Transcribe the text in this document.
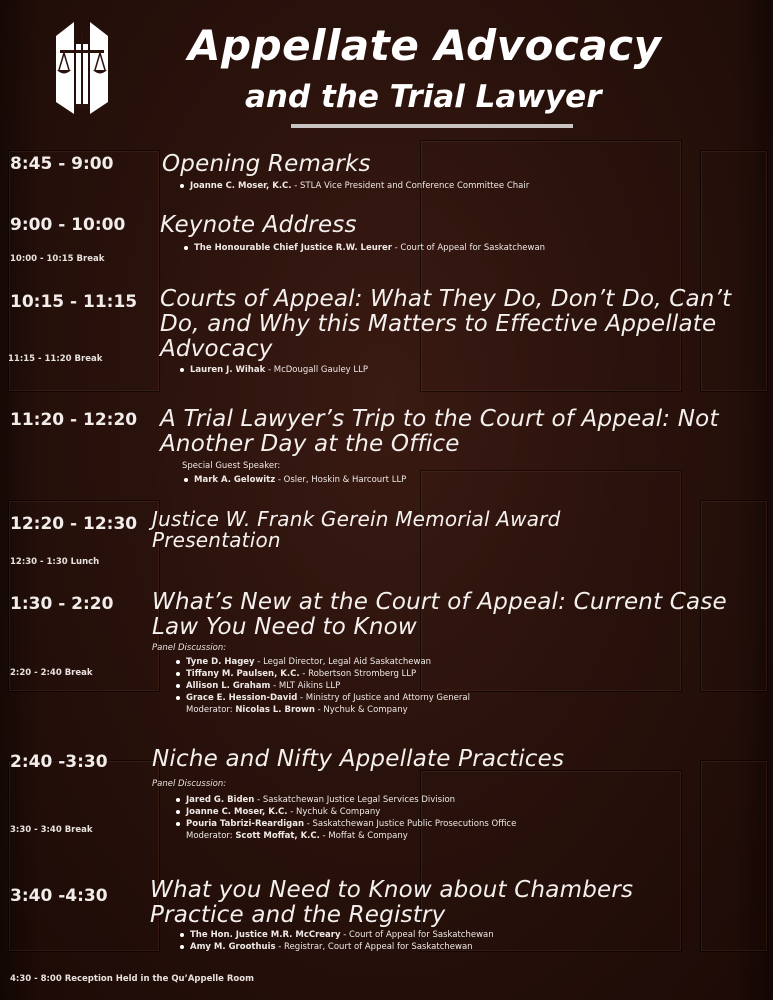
Appellate Advocacy
and the Trial Lawyer
8:45 - 9:00 Opening Remarks
Joanne C. Moser, K.C. - STLA Vice President and Conference Committee Chair
9:00 - 10:00 Keynote Address
The Honourable Chief Justice R.W. Leurer - Court of Appeal for Saskatchewan
10:00 - 10:15 Break
10:15 - 11:15 Courts of Appeal: What They Do, Don’t Do, Can’t Do, and Why this Matters to Effective Appellate Advocacy
11:15 - 11:20 Break
Lauren J. Wihak - McDougall Gauley LLP
11:20 - 12:20 A Trial Lawyer’s Trip to the Court of Appeal: Not Another Day at the Office
Special Guest Speaker:
Mark A. Gelowitz - Osler, Hoskin & Harcourt LLP
12:20 - 12:30 Justice W. Frank Gerein Memorial Award Presentation
12:30 - 1:30 Lunch
1:30 - 2:20 What’s New at the Court of Appeal: Current Case Law You Need to Know
Panel Discussion:
Tyne D. Hagey - Legal Director, Legal Aid Saskatchewan
Tiffany M. Paulsen, K.C. - Robertson Stromberg LLP
Allison L. Graham - MLT Aikins LLP
Grace E. Hession-David - Ministry of Justice and Attorny General
Moderator: Nicolas L. Brown - Nychuk & Company
2:20 - 2:40 Break
2:40 -3:30 Niche and Nifty Appellate Practices
Panel Discussion:
Jared G. Biden - Saskatchewan Justice Legal Services Division
Joanne C. Moser, K.C. - Nychuk & Company
Pouria Tabrizi-Reardigan - Saskatchewan Justice Public Prosecutions Office
Moderator: Scott Moffat, K.C. - Moffat & Company
3:30 - 3:40 Break
3:40 -4:30 What you Need to Know about Chambers Practice and the Registry
The Hon. Justice M.R. McCreary - Court of Appeal for Saskatchewan
Amy M. Groothuis - Registrar, Court of Appeal for Saskatchewan
4:30 - 8:00 Reception Held in the Qu’Appelle Room
